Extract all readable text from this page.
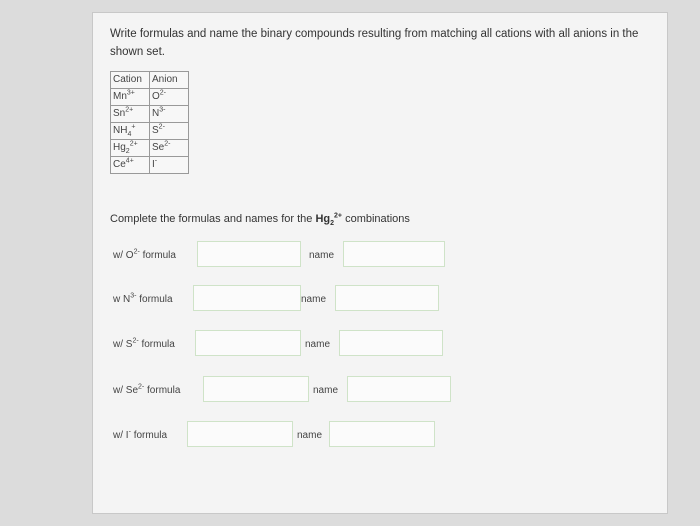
Write formulas and name the binary compounds resulting from matching all cations with all anions in the shown set.
Cation	Anion
$Mn^{3+}$	$O^{2-}$
$Sn^{2+}$	$N^{3-}$
$NH_4^+$	$S^{2-}$
$Hg_2^{2+}$	$Se^{2-}$
$Ce^{4+}$	I-
Complete the formulas and names for the $Hg_2^{2+}$ combinations
w/ $O^{2-}$ formula	name
w $N^{3-}$ formula	name
w/ $S^{2-}$ formula	name
w/ $Se^{2-}$ formula	name
w/ I- formula	name
